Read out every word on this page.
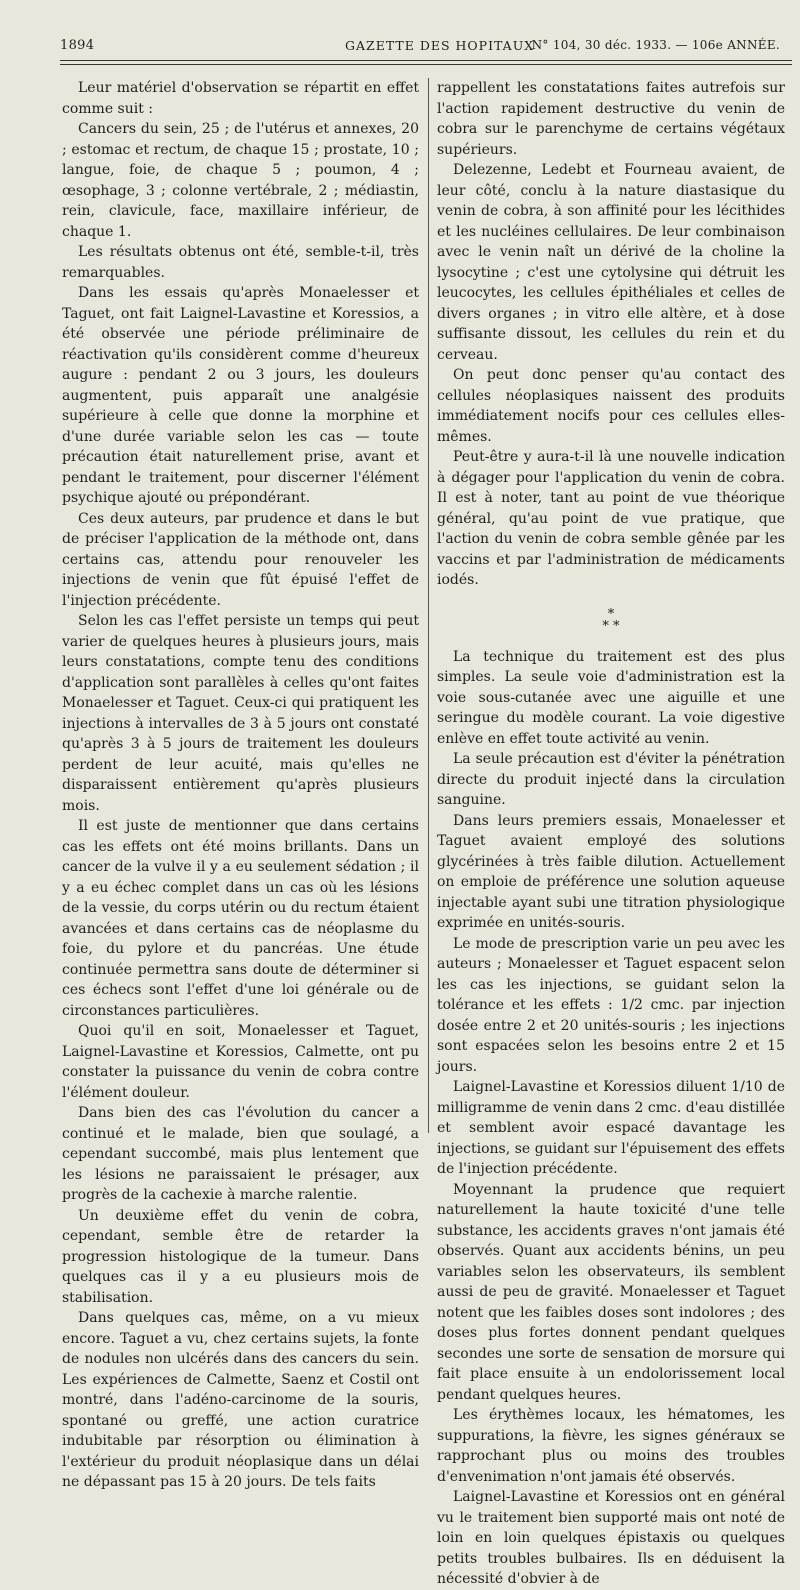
1894	GAZETTE DES HOPITAUX
N° 104, 30 déc. 1933. — 106e ANNÉE.

Leur matériel d'observation se répartit en effet comme suit :

Cancers du sein, 25 ; de l'utérus et annexes, 20 ; estomac et rectum, de chaque 15 ; prostate, 10 ; langue, foie, de chaque 5 ; poumon, 4 ; œsophage, 3 ; colonne vertébrale, 2 ; médiastin, rein, clavicule, face, maxillaire inférieur, de chaque 1.

Les résultats obtenus ont été, semble-t-il, très remarquables.

Dans les essais qu'après Monaelesser et Taguet, ont fait Laignel-Lavastine et Koressios, a été observée une période préliminaire de réactivation qu'ils considèrent comme d'heureux augure : pendant 2 ou 3 jours, les douleurs augmentent, puis apparaît une analgésie supérieure à celle que donne la morphine et d'une durée variable selon les cas — toute précaution était naturellement prise, avant et pendant le traitement, pour discerner l'élément psychique ajouté ou prépondérant.

Ces deux auteurs, par prudence et dans le but de préciser l'application de la méthode ont, dans certains cas, attendu pour renouveler les injections de venin que fût épuisé l'effet de l'injection précédente.

Selon les cas l'effet persiste un temps qui peut varier de quelques heures à plusieurs jours, mais leurs constatations, compte tenu des conditions d'application sont parallèles à celles qu'ont faites Monaelesser et Taguet. Ceux-ci qui pratiquent les injections à intervalles de 3 à 5 jours ont constaté qu'après 3 à 5 jours de traitement les douleurs perdent de leur acuité, mais qu'elles ne disparaissent entièrement qu'après plusieurs mois.

Il est juste de mentionner que dans certains cas les effets ont été moins brillants. Dans un cancer de la vulve il y a eu seulement sédation ; il y a eu échec complet dans un cas où les lésions de la vessie, du corps utérin ou du rectum étaient avancées et dans certains cas de néoplasme du foie, du pylore et du pancréas. Une étude continuée permettra sans doute de déterminer si ces échecs sont l'effet d'une loi générale ou de circonstances particulières.

Quoi qu'il en soit, Monaelesser et Taguet, Laignel-Lavastine et Koressios, Calmette, ont pu constater la puissance du venin de cobra contre l'élément douleur.

Dans bien des cas l'évolution du cancer a continué et le malade, bien que soulagé, a cependant succombé, mais plus lentement que les lésions ne paraissaient le présager, aux progrès de la cachexie à marche ralentie.

Un deuxième effet du venin de cobra, cependant, semble être de retarder la progression histologique de la tumeur. Dans quelques cas il y a eu plusieurs mois de stabilisation.

Dans quelques cas, même, on a vu mieux encore. Taguet a vu, chez certains sujets, la fonte de nodules non ulcérés dans des cancers du sein. Les expériences de Calmette, Saenz et Costil ont montré, dans l'adéno-carcinome de la souris, spontané ou greffé, une action curatrice indubitable par résorption ou élimination à l'extérieur du produit néoplasique dans un délai ne dépassant pas 15 à 20 jours. De tels faits

rappellent les constatations faites autrefois sur l'action rapidement destructive du venin de cobra sur le parenchyme de certains végétaux supérieurs.

Delezenne, Ledebt et Fourneau avaient, de leur côté, conclu à la nature diastasique du venin de cobra, à son affinité pour les lécithides et les nucléines cellulaires. De leur combinaison avec le venin naît un dérivé de la choline la lysocytine ; c'est une cytolysine qui détruit les leucocytes, les cellules épithéliales et celles de divers organes ; in vitro elle altère, et à dose suffisante dissout, les cellules du rein et du cerveau.

On peut donc penser qu'au contact des cellules néoplasiques naissent des produits immédiatement nocifs pour ces cellules elles-mêmes.

Peut-être y aura-t-il là une nouvelle indication à dégager pour l'application du venin de cobra. Il est à noter, tant au point de vue théorique général, qu'au point de vue pratique, que l'action du venin de cobra semble gênée par les vaccins et par l'administration de médicaments iodés.

*
* *

La technique du traitement est des plus simples. La seule voie d'administration est la voie sous-cutanée avec une aiguille et une seringue du modèle courant. La voie digestive enlève en effet toute activité au venin.

La seule précaution est d'éviter la pénétration directe du produit injecté dans la circulation sanguine.

Dans leurs premiers essais, Monaelesser et Taguet avaient employé des solutions glycérinées à très faible dilution. Actuellement on emploie de préférence une solution aqueuse injectable ayant subi une titration physiologique exprimée en unités-souris.

Le mode de prescription varie un peu avec les auteurs ; Monaelesser et Taguet espacent selon les cas les injections, se guidant selon la tolérance et les effets : 1/2 cmc. par injection dosée entre 2 et 20 unités-souris ; les injections sont espacées selon les besoins entre 2 et 15 jours.

Laignel-Lavastine et Koressios diluent 1/10 de milligramme de venin dans 2 cmc. d'eau distillée et semblent avoir espacé davantage les injections, se guidant sur l'épuisement des effets de l'injection précédente.

Moyennant la prudence que requiert naturellement la haute toxicité d'une telle substance, les accidents graves n'ont jamais été observés. Quant aux accidents bénins, un peu variables selon les observateurs, ils semblent aussi de peu de gravité. Monaelesser et Taguet notent que les faibles doses sont indolores ; des doses plus fortes donnent pendant quelques secondes une sorte de sensation de morsure qui fait place ensuite à un endolorissement local pendant quelques heures.

Les érythèmes locaux, les hématomes, les suppurations, la fièvre, les signes généraux se rapprochant plus ou moins des troubles d'envenimation n'ont jamais été observés.

Laignel-Lavastine et Koressios ont en général vu le traitement bien supporté mais ont noté de loin en loin quelques épistaxis ou quelques petits troubles bulbaires. Ils en déduisent la nécessité d'obvier à de
